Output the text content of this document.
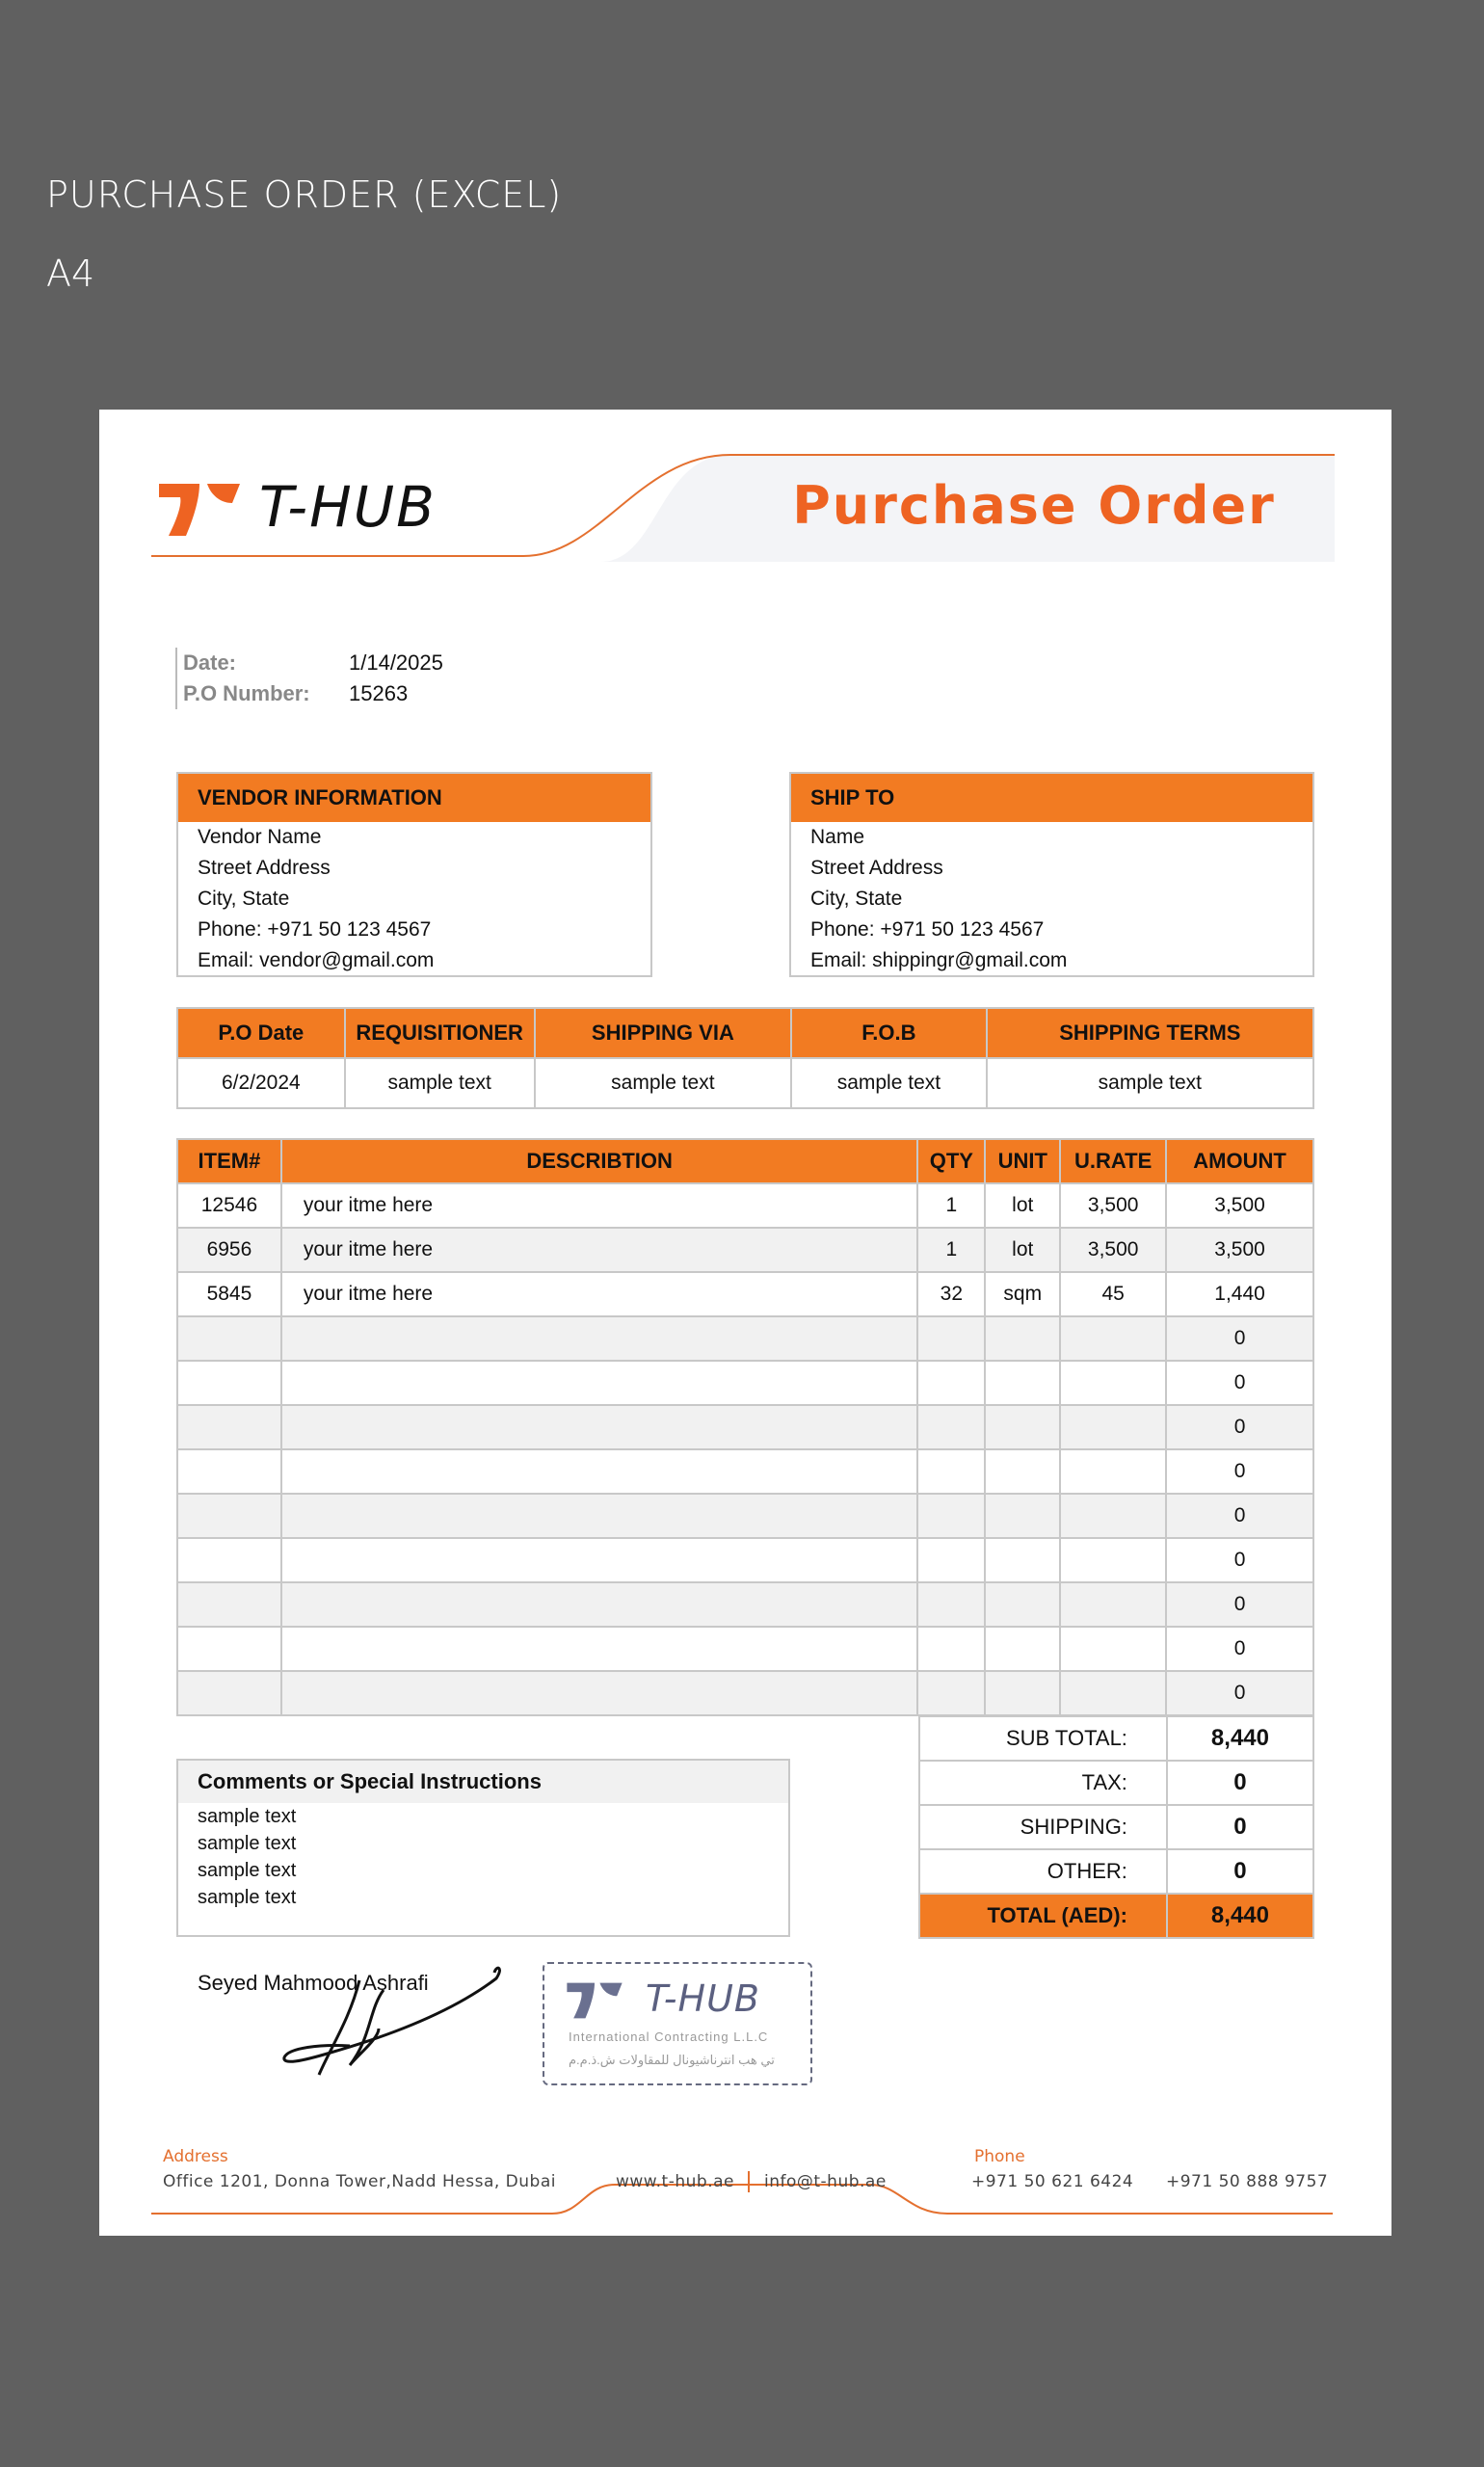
PURCHASE ORDER (EXCEL)
A4
T-HUB	Purchase Order
Date:	1/14/2025
P.O Number:	15263
VENDOR INFORMATION
Vendor Name
Street Address
City, State
Phone: +971 50 123 4567
Email: vendor@gmail.com
SHIP TO
Name
Street Address
City, State
Phone: +971 50 123 4567
Email: shippingr@gmail.com
P.O Date	REQUISITIONER	SHIPPING VIA	F.O.B	SHIPPING TERMS
6/2/2024	sample text	sample text	sample text	sample text
ITEM#	DESCRIBTION	QTY	UNIT	U.RATE	AMOUNT
12546	your itme here	1	lot	3,500	3,500
6956	your itme here	1	lot	3,500	3,500
5845	your itme here	32	sqm	45	1,440
					0
					0
					0
					0
					0
					0
					0
					0
					0
SUB TOTAL:	8,440
TAX:	0
SHIPPING:	0
OTHER:	0
TOTAL (AED):	8,440
Comments or Special Instructions
sample text
sample text
sample text
sample text
Seyed Mahmood Ashrafi	T-HUB
International Contracting L.L.C
تي هب انترناشيونال للمقاولات ش.ذ.م.م
Address
Office 1201, Donna Tower,Nadd Hessa, Dubai	www.t-hub.ae info@t-hub.ae
Phone
+971 50 621 6424 +971 50 888 9757
